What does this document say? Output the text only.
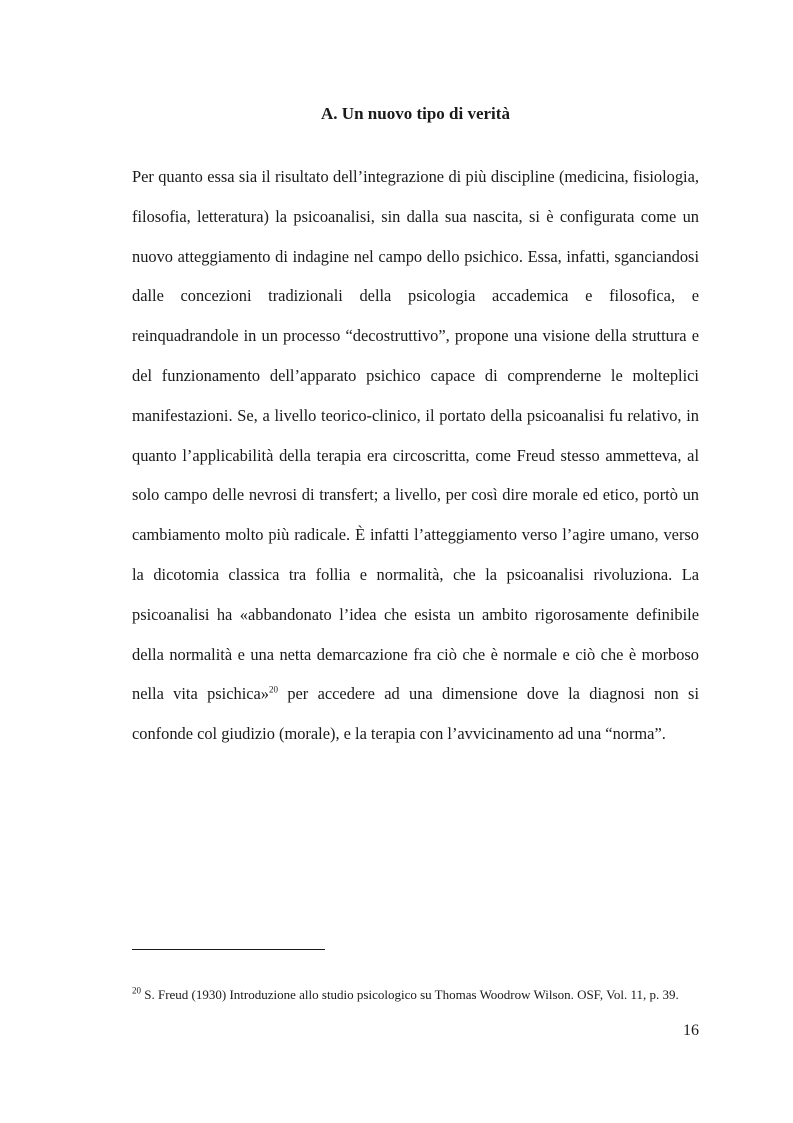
A. Un nuovo tipo di verità

Per quanto essa sia il risultato dell’integrazione di più discipline (medicina, fisiologia, filosofia, letteratura) la psicoanalisi, sin dalla sua nascita, si è configurata come un nuovo atteggiamento di indagine nel campo dello psichico. Essa, infatti, sganciandosi dalle concezioni tradizionali della psicologia accademica e filosofica, e reinquadrandole in un processo “decostruttivo”, propone una visione della struttura e del funzionamento dell’apparato psichico capace di comprenderne le molteplici manifestazioni. Se, a livello teorico-clinico, il portato della psicoanalisi fu relativo, in quanto l’applicabilità della terapia era circoscritta, come Freud stesso ammetteva, al solo campo delle nevrosi di transfert; a livello, per così dire morale ed etico, portò un cambiamento molto più radicale. È infatti l’atteggiamento verso l’agire umano, verso la dicotomia classica tra follia e normalità, che la psicoanalisi rivoluziona. La psicoanalisi ha «abbandonato l’idea che esista un ambito rigorosamente definibile della normalità e una netta demarcazione fra ciò che è normale e ciò che è morboso nella vita psichica»$^{20}$ per accedere ad una dimensione dove la diagnosi non si confonde col giudizio (morale), e la terapia con l’avvicinamento ad una “norma”.

$^{20}$ S. Freud (1930) Introduzione allo studio psicologico su Thomas Woodrow Wilson. OSF, Vol. 11, p. 39.

16
